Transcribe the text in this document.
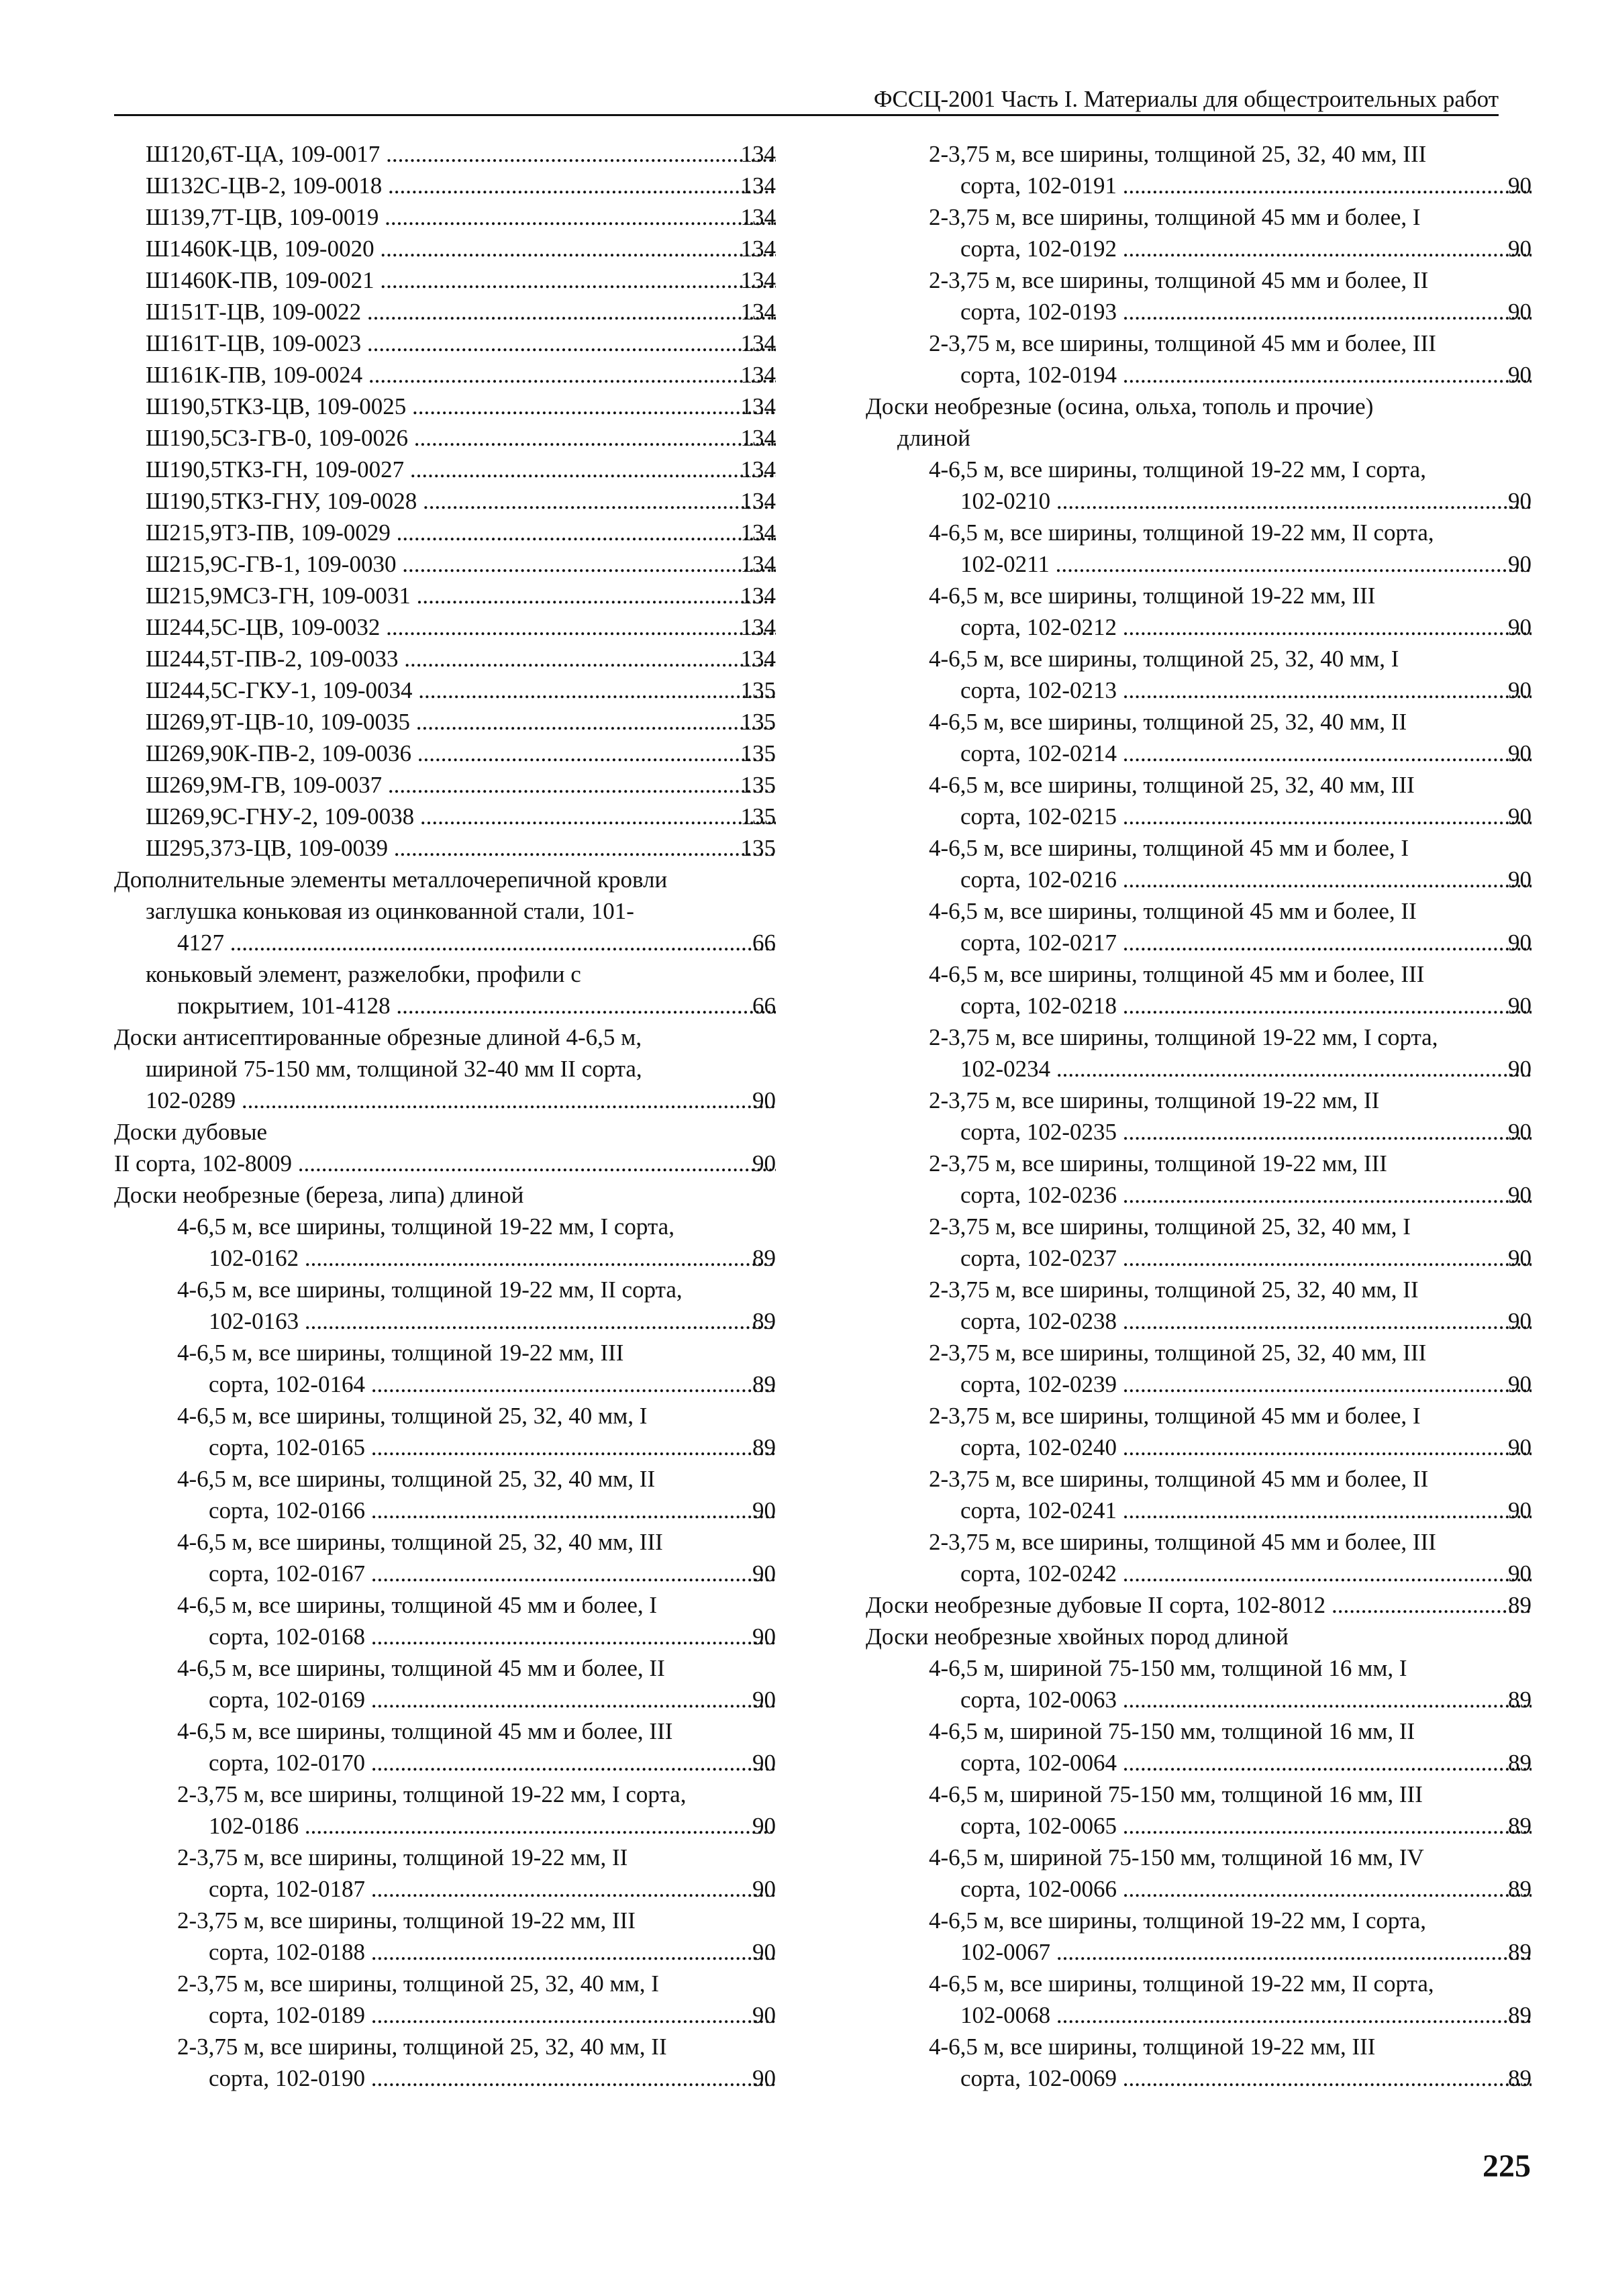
ФССЦ-2001 Часть I. Материалы для общестроительных работ
134
Ш120,6Т-ЦА, 109-0017 .....
134
Ш132С-ЦВ-2, 109-0018 .....
134
Ш139,7Т-ЦВ, 109-0019 .....
134
Ш1460К-ЦВ, 109-0020 .....
134
Ш1460К-ПВ, 109-0021 .....
134
Ш151Т-ЦВ, 109-0022 .....
134
Ш161Т-ЦВ, 109-0023 .....
134
Ш161К-ПВ, 109-0024 .....
134
Ш190,5ТКЗ-ЦВ, 109-0025 .....
134
Ш190,5СЗ-ГВ-0, 109-0026 .....
134
Ш190,5ТКЗ-ГН, 109-0027 .....
134
Ш190,5ТКЗ-ГНУ, 109-0028 .....
134
Ш215,9ТЗ-ПВ, 109-0029 .....
134
Ш215,9С-ГВ-1, 109-0030 .....
134
Ш215,9МСЗ-ГН, 109-0031 .....
134
Ш244,5С-ЦВ, 109-0032 .....
134
Ш244,5Т-ПВ-2, 109-0033 .....
135
Ш244,5С-ГКУ-1, 109-0034 .....
135
Ш269,9Т-ЦВ-10, 109-0035 .....
135
Ш269,90К-ПВ-2, 109-0036 .....
135
Ш269,9М-ГВ, 109-0037 .....
135
Ш269,9С-ГНУ-2, 109-0038 .....
135
Ш295,373-ЦВ, 109-0039 .....
Дополнительные элементы металлочерепичной кровли
заглушка коньковая из оцинкованной стали, 101-
66
4127 .....
коньковый элемент, разжелобки, профили с
66
покрытием, 101-4128 .....
Доски антисептированные обрезные длиной 4-6,5 м,
шириной 75-150 мм, толщиной 32-40 мм II сорта,
90
102-0289 .....
Доски дубовые
90
II сорта, 102-8009 .....
Доски необрезные (береза, липа) длиной
4-6,5 м, все ширины, толщиной 19-22 мм, I сорта,
89
102-0162 .....
4-6,5 м, все ширины, толщиной 19-22 мм, II сорта,
89
102-0163 .....
4-6,5 м, все ширины, толщиной 19-22 мм, III
89
сорта, 102-0164 .....
4-6,5 м, все ширины, толщиной 25, 32, 40 мм, I
89
сорта, 102-0165 .....
4-6,5 м, все ширины, толщиной 25, 32, 40 мм, II
90
сорта, 102-0166 .....
4-6,5 м, все ширины, толщиной 25, 32, 40 мм, III
90
сорта, 102-0167 .....
4-6,5 м, все ширины, толщиной 45 мм и более, I
90
сорта, 102-0168 .....
4-6,5 м, все ширины, толщиной 45 мм и более, II
90
сорта, 102-0169 .....
4-6,5 м, все ширины, толщиной 45 мм и более, III
90
сорта, 102-0170 .....
2-3,75 м, все ширины, толщиной 19-22 мм, I сорта,
90
102-0186 .....
2-3,75 м, все ширины, толщиной 19-22 мм, II
90
сорта, 102-0187 .....
2-3,75 м, все ширины, толщиной 19-22 мм, III
90
сорта, 102-0188 .....
2-3,75 м, все ширины, толщиной 25, 32, 40 мм, I
90
сорта, 102-0189 .....
2-3,75 м, все ширины, толщиной 25, 32, 40 мм, II
90
сорта, 102-0190 .....
2-3,75 м, все ширины, толщиной 25, 32, 40 мм, III
90
сорта, 102-0191 .....
2-3,75 м, все ширины, толщиной 45 мм и более, I
90
сорта, 102-0192 .....
2-3,75 м, все ширины, толщиной 45 мм и более, II
90
сорта, 102-0193 .....
2-3,75 м, все ширины, толщиной 45 мм и более, III
90
сорта, 102-0194 .....
Доски необрезные (осина, ольха, тополь и прочие)
длиной
4-6,5 м, все ширины, толщиной 19-22 мм, I сорта,
90
102-0210 .....
4-6,5 м, все ширины, толщиной 19-22 мм, II сорта,
90
102-0211 .....
4-6,5 м, все ширины, толщиной 19-22 мм, III
90
сорта, 102-0212 .....
4-6,5 м, все ширины, толщиной 25, 32, 40 мм, I
90
сорта, 102-0213 .....
4-6,5 м, все ширины, толщиной 25, 32, 40 мм, II
90
сорта, 102-0214 .....
4-6,5 м, все ширины, толщиной 25, 32, 40 мм, III
90
сорта, 102-0215 .....
4-6,5 м, все ширины, толщиной 45 мм и более, I
90
сорта, 102-0216 .....
4-6,5 м, все ширины, толщиной 45 мм и более, II
90
сорта, 102-0217 .....
4-6,5 м, все ширины, толщиной 45 мм и более, III
90
сорта, 102-0218 .....
2-3,75 м, все ширины, толщиной 19-22 мм, I сорта,
90
102-0234 .....
2-3,75 м, все ширины, толщиной 19-22 мм, II
90
сорта, 102-0235 .....
2-3,75 м, все ширины, толщиной 19-22 мм, III
90
сорта, 102-0236 .....
2-3,75 м, все ширины, толщиной 25, 32, 40 мм, I
90
сорта, 102-0237 .....
2-3,75 м, все ширины, толщиной 25, 32, 40 мм, II
90
сорта, 102-0238 .....
2-3,75 м, все ширины, толщиной 25, 32, 40 мм, III
90
сорта, 102-0239 .....
2-3,75 м, все ширины, толщиной 45 мм и более, I
90
сорта, 102-0240 .....
2-3,75 м, все ширины, толщиной 45 мм и более, II
90
сорта, 102-0241 .....
2-3,75 м, все ширины, толщиной 45 мм и более, III
90
сорта, 102-0242 .....
89
Доски необрезные дубовые II сорта, 102-8012 .....
Доски необрезные хвойных пород длиной
4-6,5 м, шириной 75-150 мм, толщиной 16 мм, I
89
сорта, 102-0063 .....
4-6,5 м, шириной 75-150 мм, толщиной 16 мм, II
89
сорта, 102-0064 .....
4-6,5 м, шириной 75-150 мм, толщиной 16 мм, III
89
сорта, 102-0065 .....
4-6,5 м, шириной 75-150 мм, толщиной 16 мм, IV
89
сорта, 102-0066 .....
4-6,5 м, все ширины, толщиной 19-22 мм, I сорта,
89
102-0067 .....
4-6,5 м, все ширины, толщиной 19-22 мм, II сорта,
89
102-0068 .....
4-6,5 м, все ширины, толщиной 19-22 мм, III
89
сорта, 102-0069 .....
225
